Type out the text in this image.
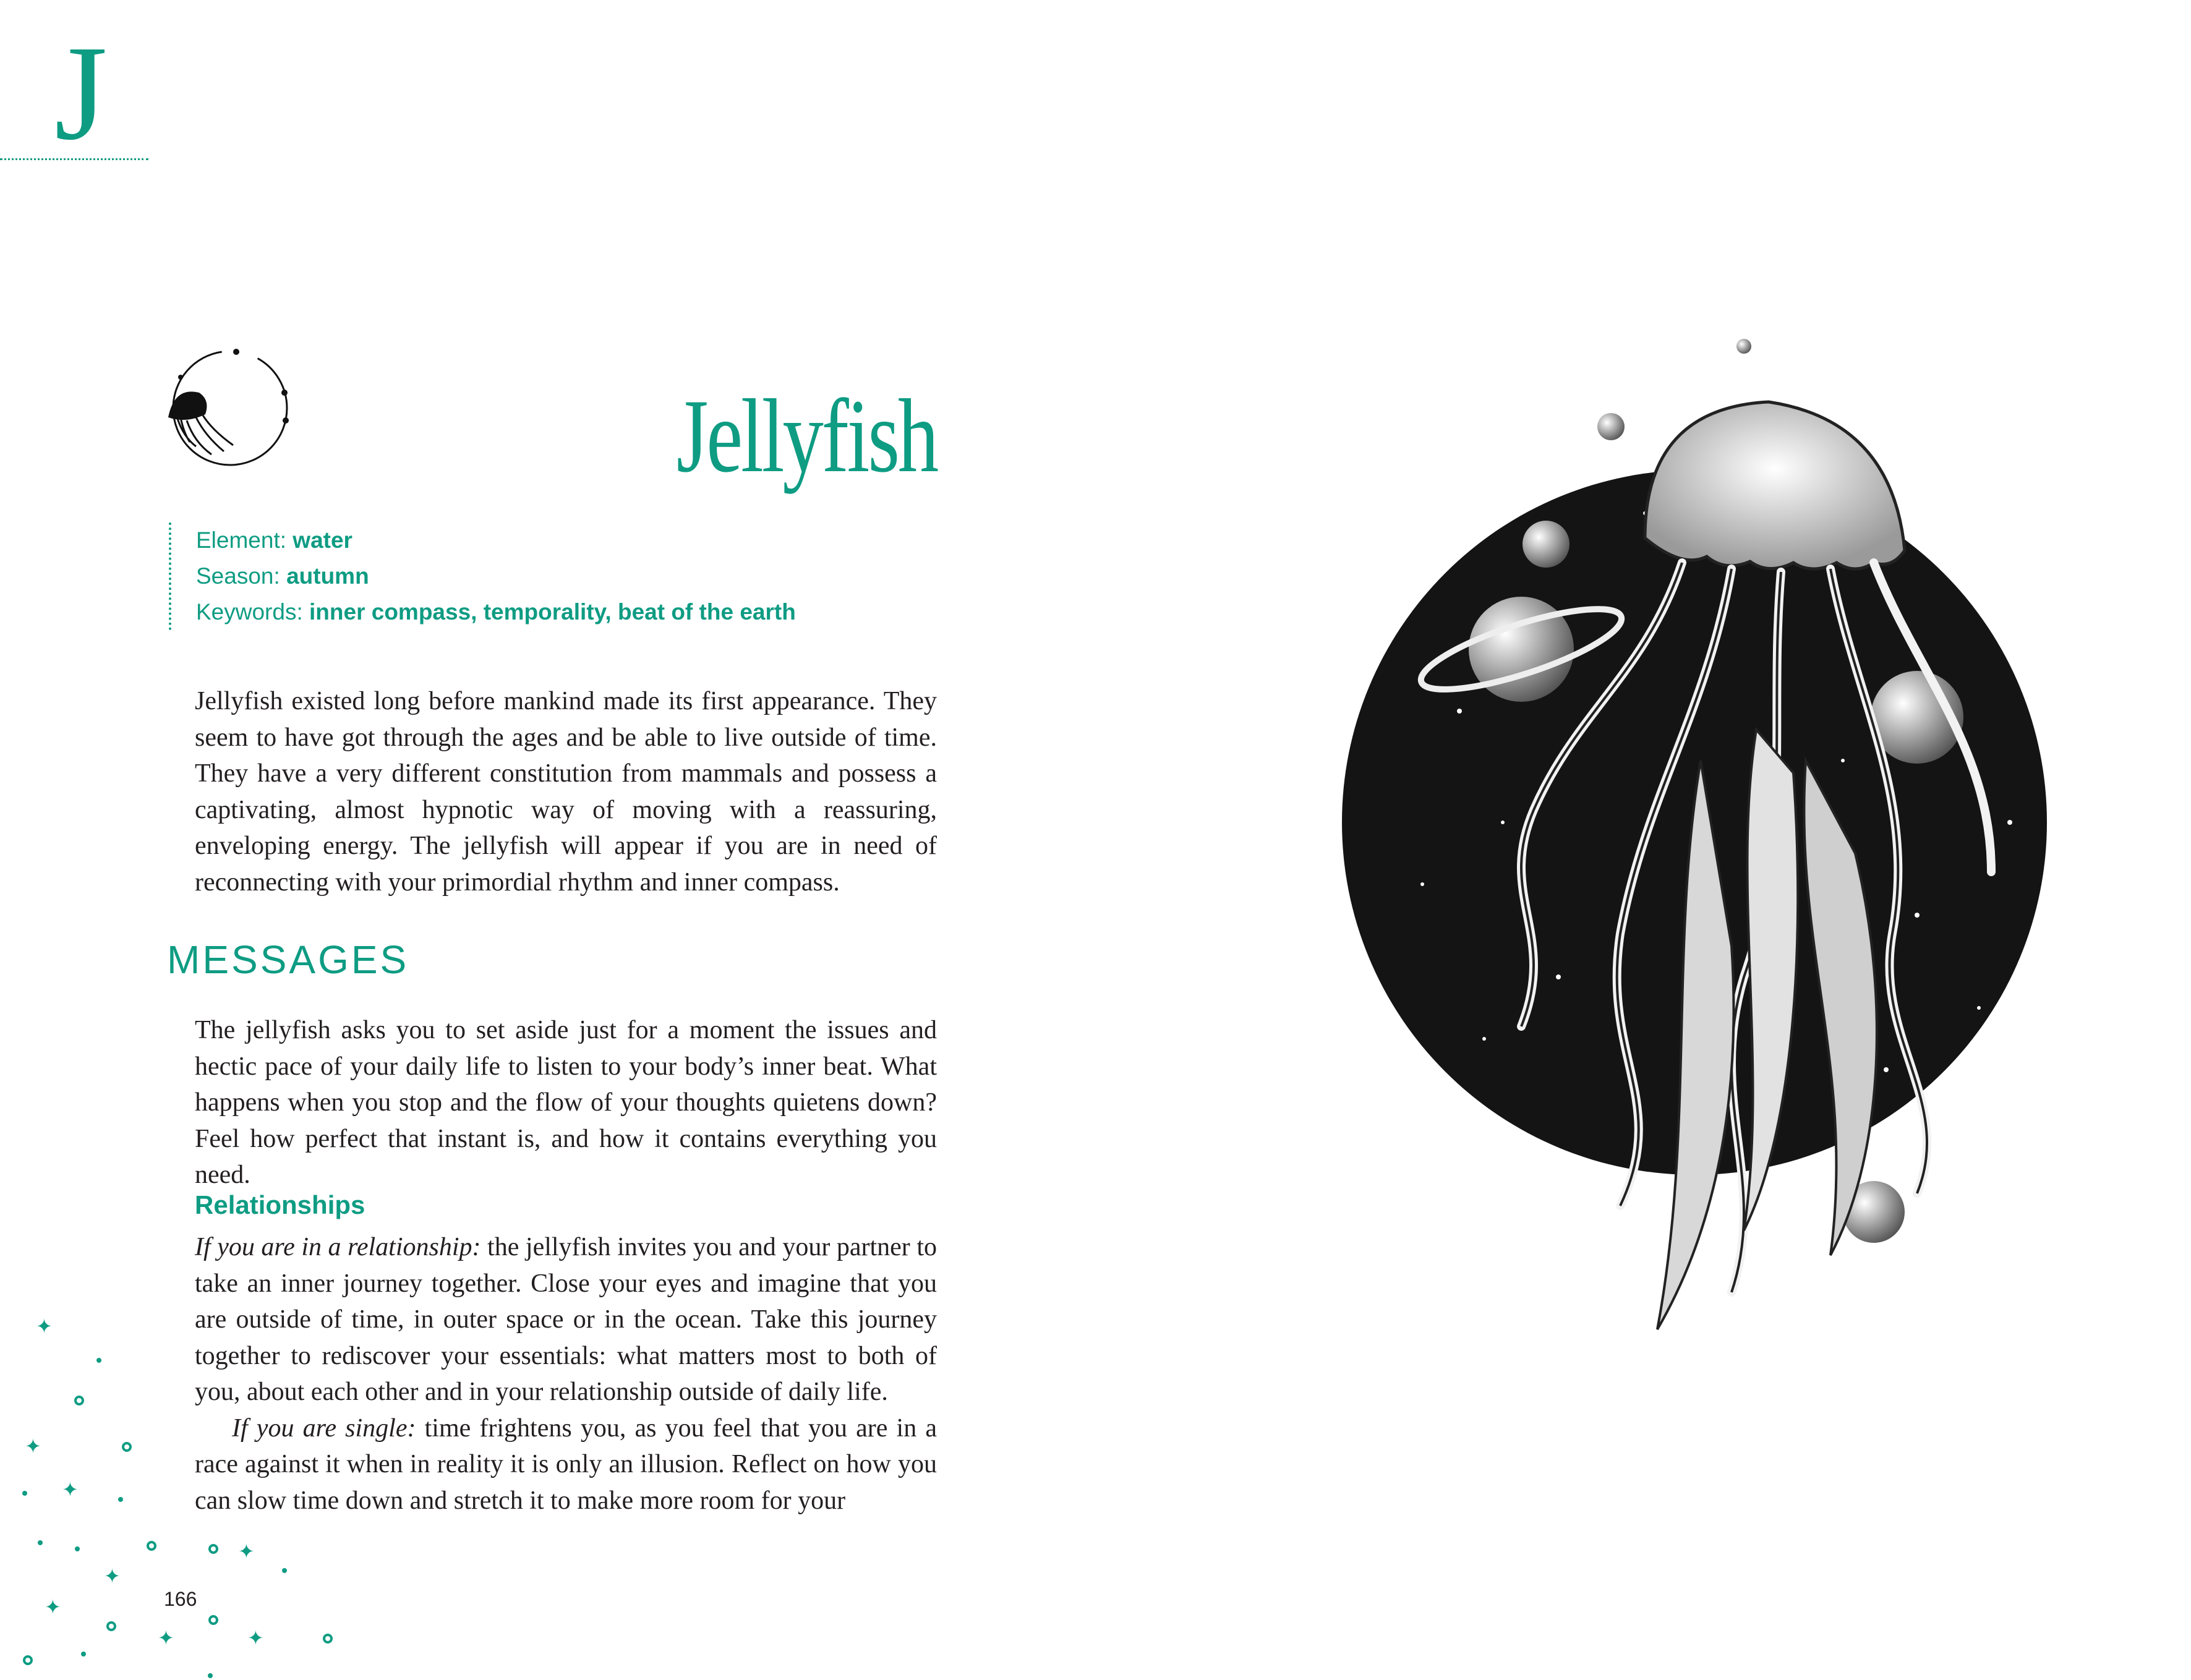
J
Jellyfish
Element: water
Season: autumn
Keywords: inner compass, temporality, beat of the earth
Jellyfish existed long before mankind made its first appearance. They seem to have got through the ages and be able to live outside of time. They have a very different constitution from mammals and possess a captivating, almost hypnotic way of moving with a reassuring, enveloping energy. The jellyfish will appear if you are in need of reconnecting with your primordial rhythm and inner compass.
MESSAGES
The jellyfish asks you to set aside just for a moment the issues and hectic pace of your daily life to listen to your body’s inner beat. What happens when you stop and the flow of your thoughts quietens down? Feel how perfect that instant is, and how it contains everything you need.
Relationships

If you are in a relationship: the jellyfish invites you and your partner to take an inner journey together. Close your eyes and imagine that you are outside of time, in outer space or in the ocean. Take this journey together to rediscover your essentials: what matters most to both of you, about each other and in your relationship outside of daily life.

If you are single: time frightens you, as you feel that you are in a race against it when in reality it is only an illusion. Reflect on how you can slow time down and stretch it to make more room for your

166
✦
✦
✦
✦
✦
✦
✦	✦
